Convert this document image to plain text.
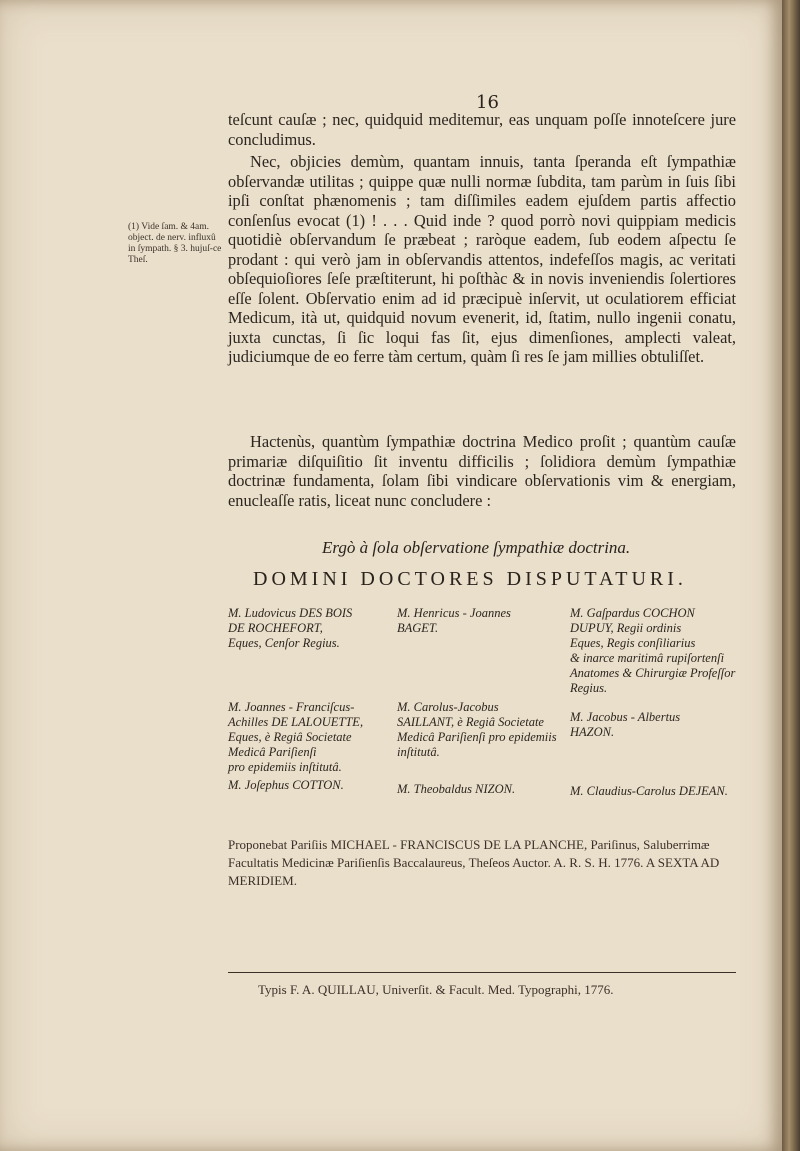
16
(1) Vide ſam. & 4am. object. de nerv. influxû in ſympath. § 3. hujuſ-ce Theſ.
teſcunt cauſæ ; nec, quidquid meditemur, eas unquam poſſe innoteſcere jure concludimus.
Nec, objicies demùm, quantam innuis, tanta ſperanda eſt ſympathiæ obſervandæ utilitas ; quippe quæ nulli normæ ſubdita, tam parùm in ſuis ſibi ipſi conſtat phænomenis ; tam diſſimiles eadem ejuſdem partis affectio conſenſus evocat (1) ! . . . Quid inde ? quod porrò novi quippiam medicis quotidiè obſervandum ſe præbeat ; raròque eadem, ſub eodem aſpectu ſe prodant : qui verò jam in obſervandis attentos, indefeſſos magis, ac veritati obſequioſiores ſeſe præſtiterunt, hi poſthàc & in novis inveniendis ſolertiores eſſe ſolent. Obſervatio enim ad id præcipuè inſervit, ut oculatiorem efficiat Medicum, ità ut, quidquid novum evenerit, id, ſtatim, nullo ingenii conatu, juxta cunctas, ſi ſic loqui fas ſit, ejus dimenſiones, amplecti valeat, judiciumque de eo ferre tàm certum, quàm ſi res ſe jam millies obtuliſſet.
Hactenùs, quantùm ſympathiæ doctrina Medico proſit ; quantùm cauſæ primariæ diſquiſitio ſit inventu difficilis ; ſolidiora demùm ſympathiæ doctrinæ fundamenta, ſolam ſibi vindicare obſervationis vim & energiam, enucleaſſe ratis, liceat nunc concludere :
Ergò à ſola obſervatione ſympathiæ doctrina.
DOMINI DOCTORES DISPUTATURI.
M. Ludovicus DES BOIS
DE ROCHEFORT,
Eques, Cenſor Regius.
M. Henricus - Joannes
BAGET.
M. Gaſpardus COCHON
DUPUY, Regii ordinis
Eques, Regis conſiliarius
& inarce maritimâ rupiſortenſi Anatomes & Chirurgiæ Profeſſor Regius.
M. Joannes - Franciſcus-
Achilles DE LALOUETTE, Eques, è Regiâ Societate Medicâ Pariſienſi
pro epidemiis inſtitutâ.
M. Carolus-Jacobus SAILLANT, è Regiâ Societate
Medicâ Pariſienſi pro epidemiis inſtitutâ.
M. Jacobus - Albertus
HAZON.
M. Joſephus COTTON.	M. Theobaldus NIZON.	M. Claudius-Carolus DEJEAN.
Proponebat Pariſiis MICHAEL - FRANCISCUS DE LA PLANCHE, Pariſinus, Saluberrimæ Facultatis Medicinæ Pariſienſis Baccalaureus, Theſeos Auctor. A. R. S. H. 1776. A SEXTA AD MERIDIEM.
Typis F. A. QUILLAU, Univerſit. & Facult. Med. Typographi, 1776.
